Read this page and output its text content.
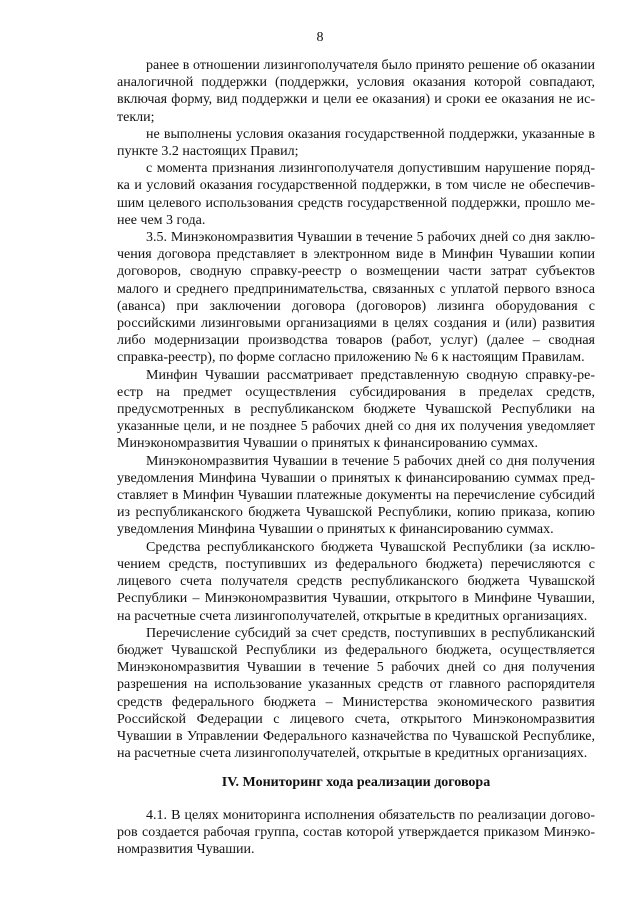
8

ранее в отношении лизингополучателя было принято решение об оказании аналогичной поддержки (поддержки, условия оказания которой совпадают, включая форму, вид поддержки и цели ее оказания) и сроки ее оказания не истекли;

не выполнены условия оказания государственной поддержки, указанные в пункте 3.2 настоящих Правил;

с момента признания лизингополучателя допустившим нарушение порядка и условий оказания государственной поддержки, в том числе не обеспечившим целевого использования средств государственной поддержки, прошло менее чем 3 года.

3.5. Минэкономразвития Чувашии в течение 5 рабочих дней со дня заключения договора представляет в электронном виде в Минфин Чувашии копии договоров, сводную справку-реестр о возмещении части затрат субъектов малого и среднего предпринимательства, связанных с уплатой первого взноса (аванса) при заключении договора (договоров) лизинга оборудования с российскими лизинговыми организациями в целях создания и (или) развития либо модернизации производства товаров (работ, услуг) (далее – сводная справка-реестр), по форме согласно приложению № 6 к настоящим Правилам.

Минфин Чувашии рассматривает представленную сводную справку-реестр на предмет осуществления субсидирования в пределах средств, предусмотренных в республиканском бюджете Чувашской Республики на указанные цели, и не позднее 5 рабочих дней со дня их получения уведомляет Минэкономразвития Чувашии о принятых к финансированию суммах.

Минэкономразвития Чувашии в течение 5 рабочих дней со дня получения уведомления Минфина Чувашии о принятых к финансированию суммах представляет в Минфин Чувашии платежные документы на перечисление субсидий из республиканского бюджета Чувашской Республики, копию приказа, копию уведомления Минфина Чувашии о принятых к финансированию суммах.

Средства республиканского бюджета Чувашской Республики (за исключением средств, поступивших из федерального бюджета) перечисляются с лицевого счета получателя средств республиканского бюджета Чувашской Республики – Минэкономразвития Чувашии, открытого в Минфине Чувашии, на расчетные счета лизингополучателей, открытые в кредитных организациях.

Перечисление субсидий за счет средств, поступивших в республиканский бюджет Чувашской Республики из федерального бюджета, осуществляется Минэкономразвития Чувашии в течение 5 рабочих дней со дня получения разрешения на использование указанных средств от главного распорядителя средств федерального бюджета – Министерства экономического развития Российской Федерации с лицевого счета, открытого Минэкономразвития Чувашии в Управлении Федерального казначейства по Чувашской Республике, на расчетные счета лизингополучателей, открытые в кредитных организациях.

IV. Мониторинг хода реализации договора

4.1. В целях мониторинга исполнения обязательств по реализации договоров создается рабочая группа, состав которой утверждается приказом Минэкономразвития Чувашии.
